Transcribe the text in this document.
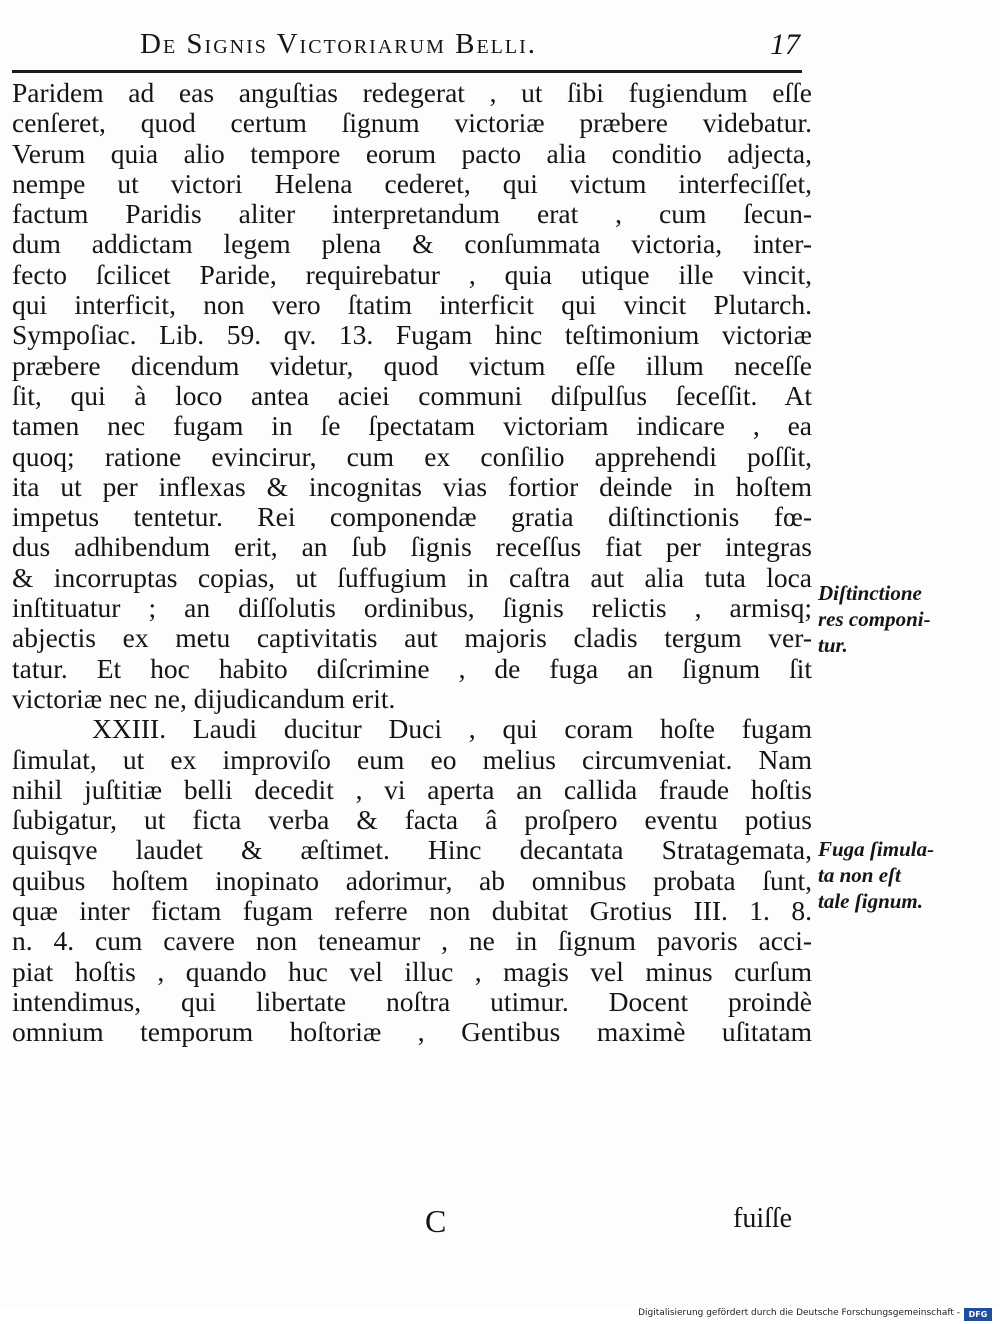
De Signis Victoriarum Belli.	17
Paridem ad eas anguſtias redegerat , ut ſibi fugiendum eſſe
cenſeret, quod certum ſignum victoriæ præbere videbatur.
Verum quia alio tempore eorum pacto alia conditio adjecta,
nempe ut victori Helena cederet, qui victum interfeciſſet,
factum Paridis aliter interpretandum erat , cum ſecun-
dum addictam legem plena & conſummata victoria, inter-
fecto ſcilicet Paride, requirebatur , quia utique ille vincit,
qui interficit, non vero ſtatim interficit qui vincit Plutarch.
Sympoſiac. Lib. 59. qv. 13. Fugam hinc teſtimonium victoriæ
præbere dicendum videtur, quod victum eſſe illum neceſſe
ſit, qui à loco antea aciei communi diſpulſus ſeceſſit. At
tamen nec fugam in ſe ſpectatam victoriam indicare , ea
quoq; ratione evincirur, cum ex conſilio apprehendi poſſit,
ita ut per inflexas & incognitas vias fortior deinde in hoſtem
impetus tentetur. Rei componendæ gratia diſtinctionis fœ-
dus adhibendum erit, an ſub ſignis receſſus fiat per integras
& incorruptas copias, ut ſuffugium in caſtra aut alia tuta loca
inſtituatur ; an diſſolutis ordinibus, ſignis relictis , armisq;
abjectis ex metu captivitatis aut majoris cladis tergum ver-
tatur. Et hoc habito diſcrimine , de fuga an ſignum ſit
victoriæ nec ne, dijudicandum erit.
XXIII. Laudi ducitur Duci , qui coram hoſte fugam
ſimulat, ut ex improviſo eum eo melius circumveniat. Nam
nihil juſtitiæ belli decedit , vi aperta an callida fraude hoſtis
ſubigatur, ut ficta verba & facta â proſpero eventu potius
quisqve laudet & æſtimet. Hinc decantata Stratagemata,
quibus hoſtem inopinato adorimur, ab omnibus probata ſunt,
quæ inter fictam fugam referre non dubitat Grotius III. 1. 8.
n. 4. cum cavere non teneamur , ne in ſignum pavoris acci-
piat hoſtis , quando huc vel illuc , magis vel minus curſum
intendimus, qui libertate noſtra utimur. Docent proindè
omnium temporum hoſtoriæ , Gentibus maximè uſitatam
Diſtinctione
res componi-
tur.
Fuga ſimula-
ta non eſt
tale ſignum.
C	fuiſſe
Digitalisierung gefördert durch die Deutsche Forschungsgemeinschaft -	DFG
